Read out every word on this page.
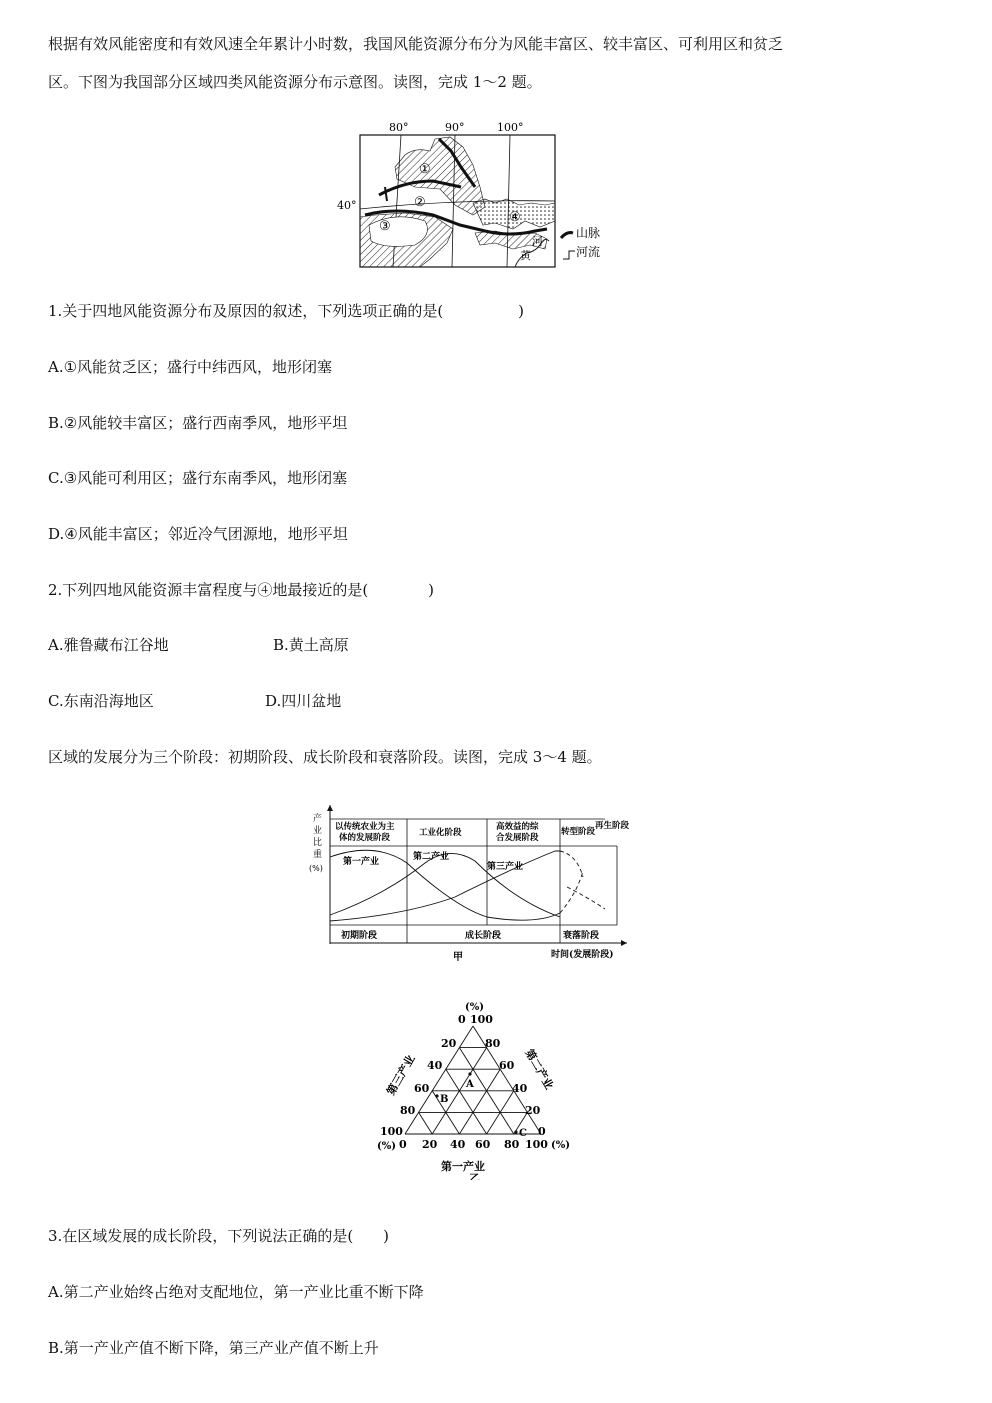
根据有效风能密度和有效风速全年累计小时数，我国风能资源分布分为风能丰富区、较丰富区、可利用区和贫乏
区。下图为我国部分区域四类风能资源分布示意图。读图，完成 1～2 题。
80°	90°	100°
40°
①
②
③
④
河
黄
山脉
河流
1.关于四地风能资源分布及原因的叙述，下列选项正确的是(　　　　　)
A.①风能贫乏区；盛行中纬西风，地形闭塞
B.②风能较丰富区；盛行西南季风，地形平坦
C.③风能可利用区；盛行东南季风，地形闭塞
D.④风能丰富区；邻近冷气团源地，地形平坦
2.下列四地风能资源丰富程度与④地最接近的是(　　　　)
A.雅鲁藏布江谷地	B.黄土高原
C.东南沿海地区	D.四川盆地
区域的发展分为三个阶段：初期阶段、成长阶段和衰落阶段。读图，完成 3～4 题。
产
业
比
重
(%)
以传统农业为主
体的发展阶段	工业化阶段
高效益的综
合发展阶段
转型阶段
再生阶段
第一产业	第二产业
第三产业
初期阶段	成长阶段	衰落阶段
时间(发展阶段)
甲
(%)
0 100
20
40
60
80
100
(%)
80
60
40
20
0
0 20 40 60 80 100 (%)
第三产业	第二产业
第一产业
A
B
C
乙
3.在区域发展的成长阶段，下列说法正确的是(　　)
A.第二产业始终占绝对支配地位，第一产业比重不断下降
B.第一产业产值不断下降，第三产业产值不断上升
